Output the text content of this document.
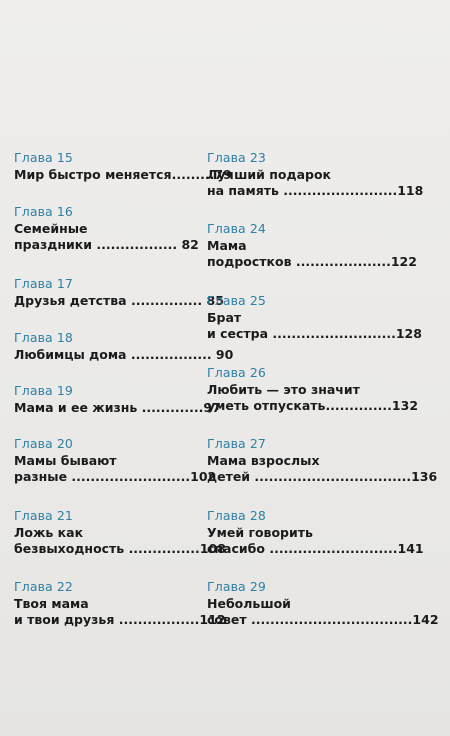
Глава 15

Мир быстро меняется.........79

Глава 16

Семейные

праздники ................. 82

Глава 17

Друзья детства ............... 85

Глава 18

Любимцы дома ................. 90

Глава 19

Мама и ее жизнь .............97

Глава 20

Мамы бывают

разные .........................102

Глава 21

Ложь как

безвыходность ...............108

Глава 22

Твоя мама

и твои друзья .................112

Глава 23

Лучший подарок

на память ........................118

Глава 24

Мама

подростков ....................122

Глава 25

Брат

и сестра ..........................128

Глава 26

Любить — это значит

уметь отпускать..............132

Глава 27

Мама взрослых

детей .................................136

Глава 28

Умей говорить

спасибо ...........................141

Глава 29

Небольшой

совет ..................................142
